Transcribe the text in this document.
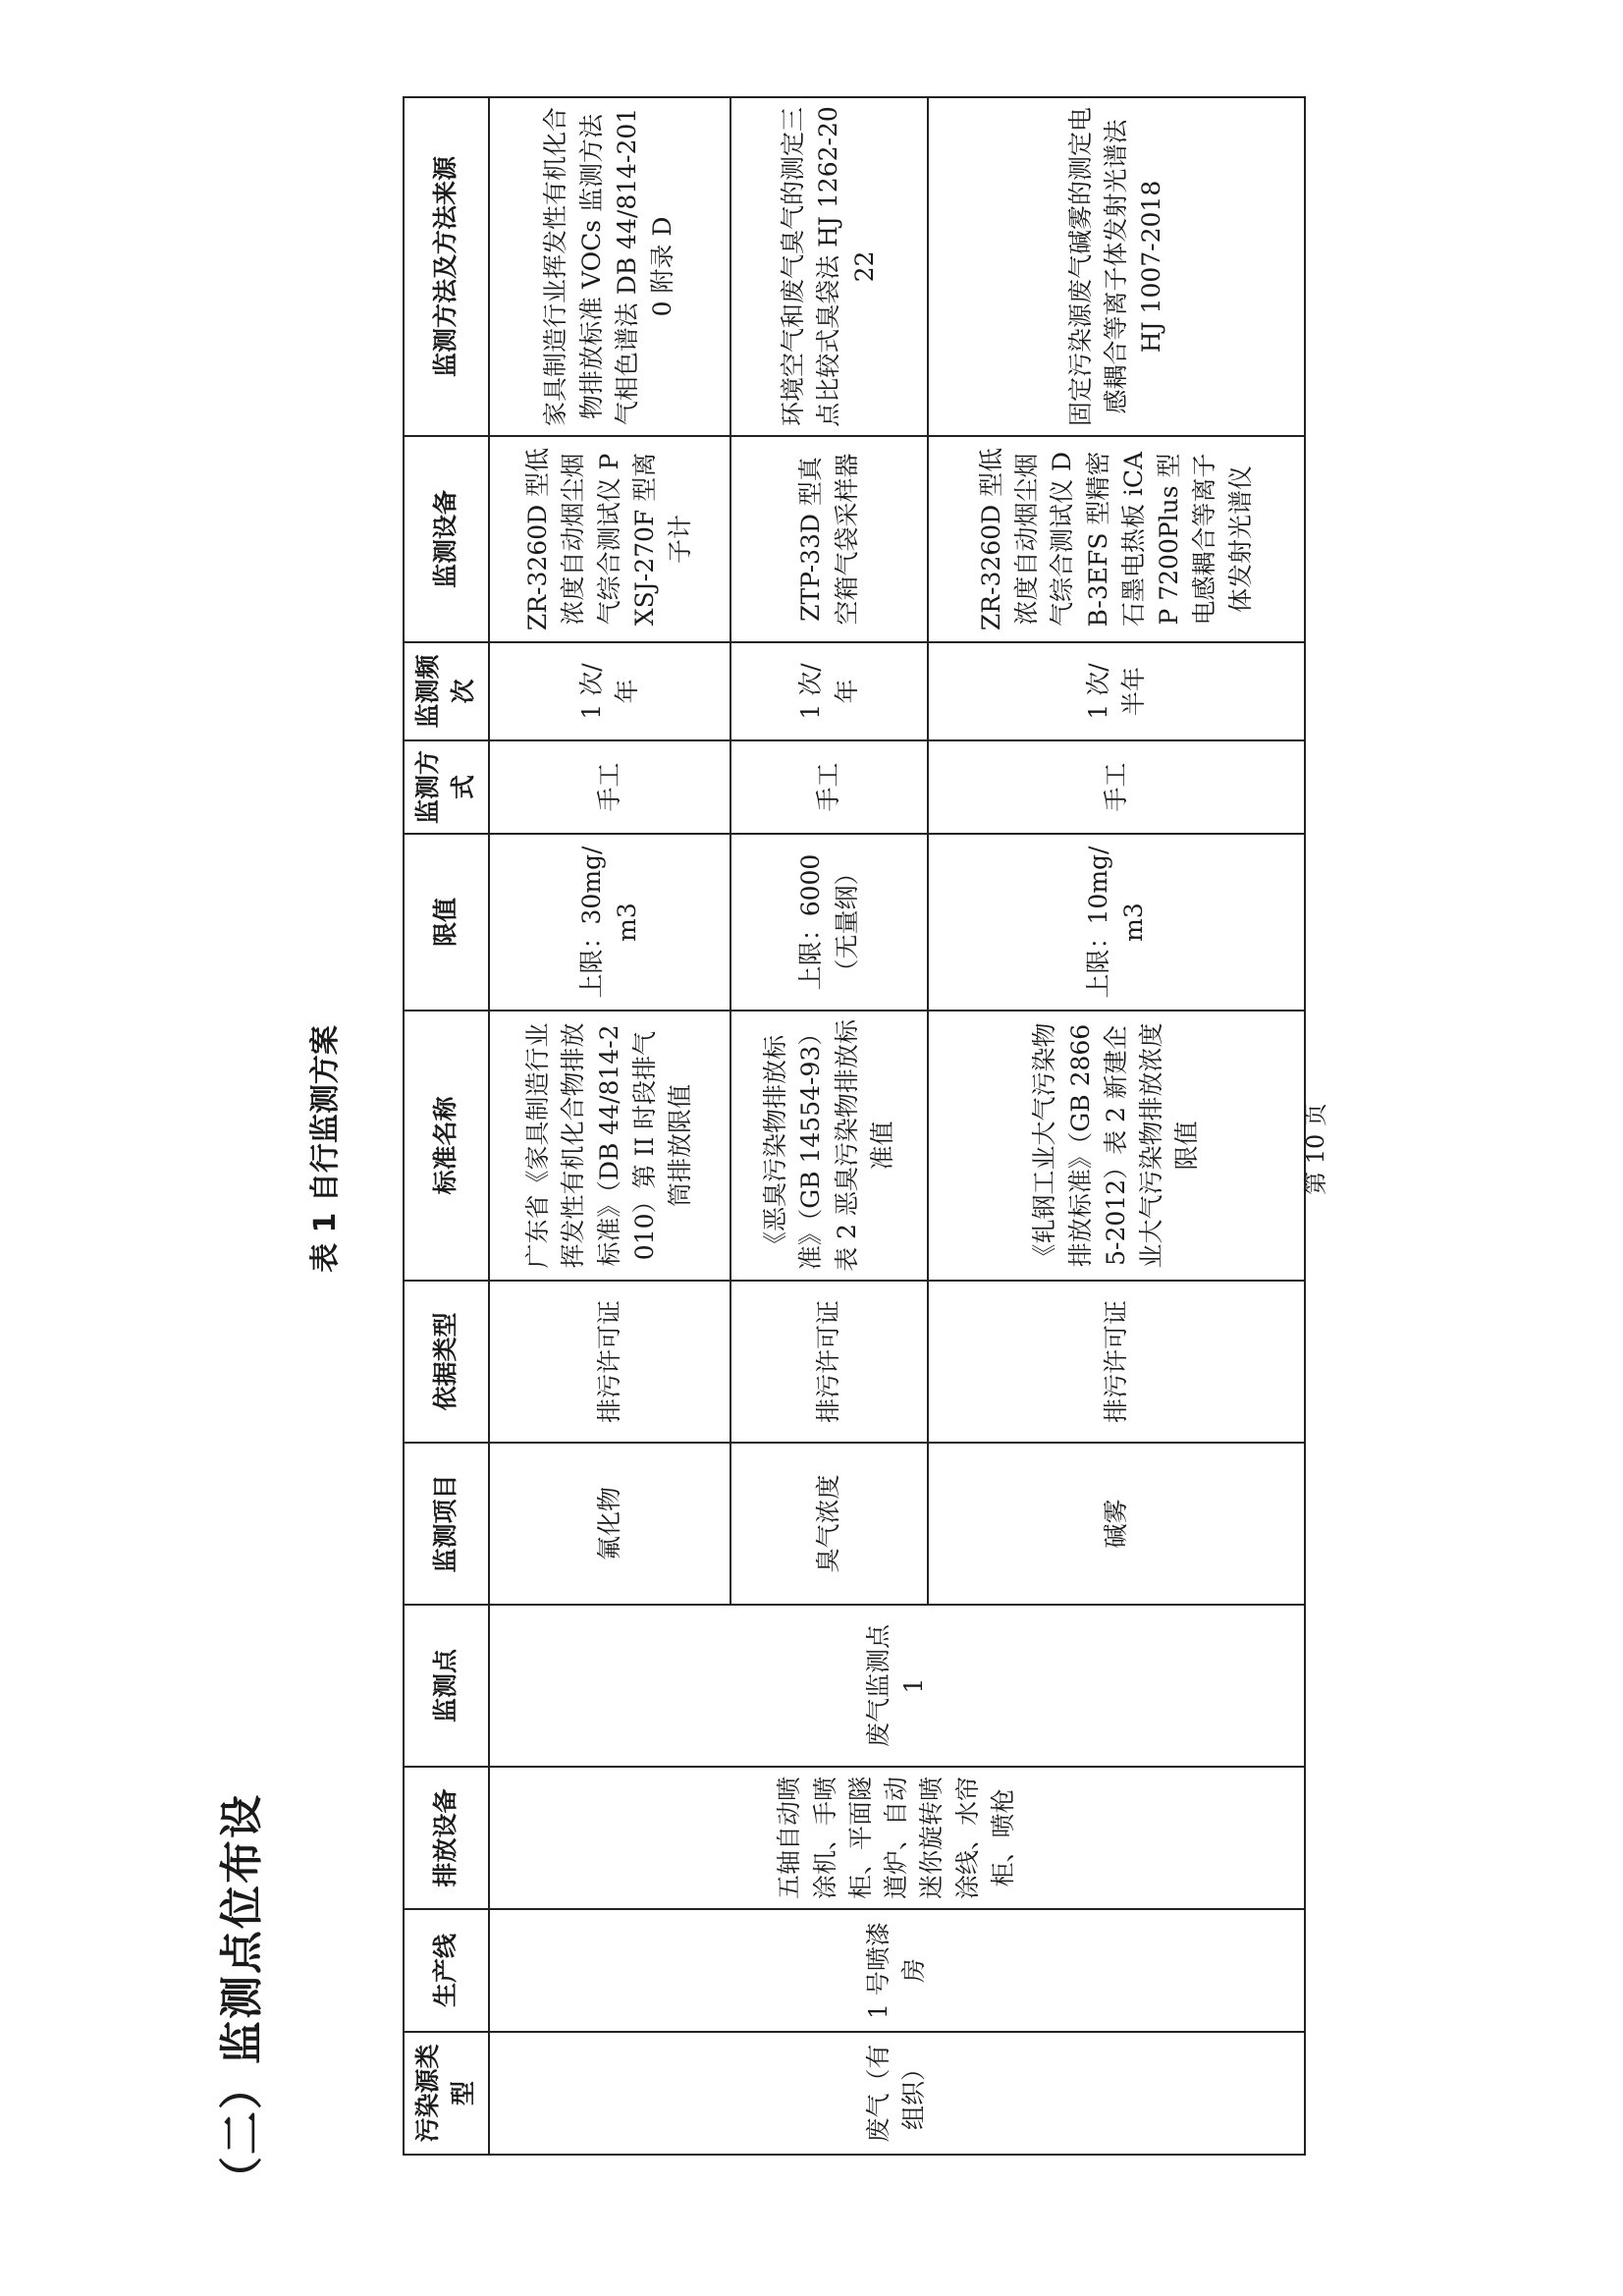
（二）监测点位布设
表 1 自行监测方案
污染源类型	生产线	排放设备	监测点	监测项目	依据类型	标准名称	限值	监测方式	监测频次	监测设备	监测方法及方法来源
废气（有组织）	1 号喷漆房	五轴自动喷涂机、手喷柜、平面隧道炉、自动迷你旋转喷涂线、水帘柜、喷枪	废气监测点 1	氟化物	排污许可证	广东省《家具制造行业挥发性有机化合物排放标准》（DB 44/814-2010）第 II 时段排气筒排放限值	上限：30mg/m3	手工	1 次/年	ZR-3260D 型低浓度自动烟尘烟气综合测试仪 PXSJ-270F 型离子计	家具制造行业挥发性有机化合物排放标准 VOCs 监测方法气相色谱法 DB 44/814-2010 附录 D
				臭气浓度	排污许可证	《恶臭污染物排放标准》（GB 14554-93）表 2 恶臭污染物排放标准值	上限：6000（无量纲）	手工	1 次/年	ZTP-33D 型真空箱气袋采样器	环境空气和废气臭气的测定三点比较式臭袋法 HJ 1262-2022
				碱雾	排污许可证	《轧钢工业大气污染物排放标准》（GB 28665-2012）表 2 新建企业大气污染物排放浓度限值	上限：10mg/m3	手工	1 次/半年	ZR-3260D 型低浓度自动烟尘烟气综合测试仪 DB-3EFS 型精密石墨电热板 iCAP 7200Plus 型电感耦合等离子体发射光谱仪	固定污染源废气碱雾的测定电感耦合等离子体发射光谱法 HJ 1007-2018
第 10 页
